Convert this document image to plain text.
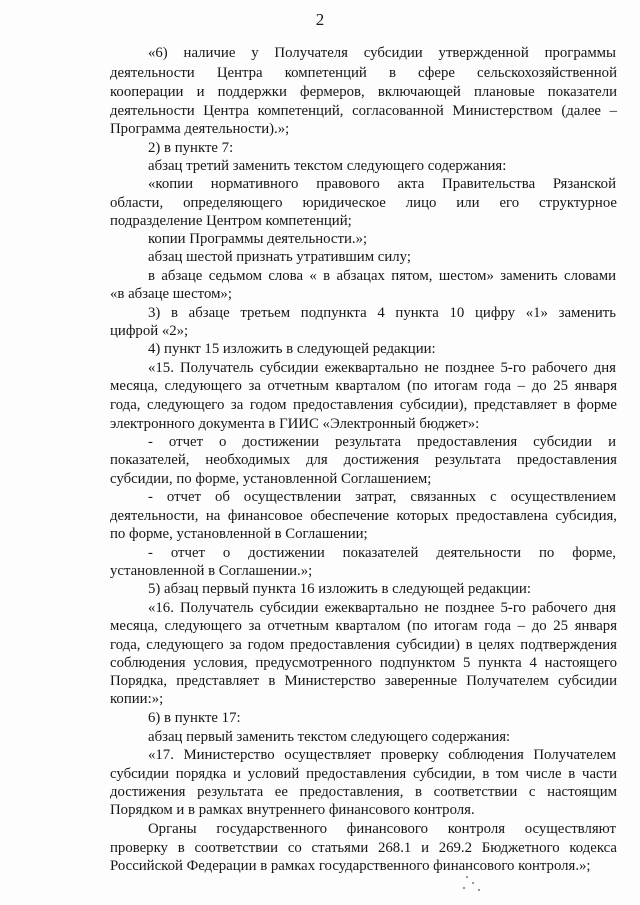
2
«6) наличие у Получателя субсидии утвержденной программы
деятельности Центра компетенций в сфере сельскохозяйственной
кооперации и поддержки фермеров, включающей плановые показатели
деятельности Центра компетенций, согласованной Министерством (далее –
Программа деятельности).»;
2) в пункте 7:
абзац третий заменить текстом следующего содержания:
«копии нормативного правового акта Правительства Рязанской
области, определяющего юридическое лицо или его структурное
подразделение Центром компетенций;
копии Программы деятельности.»;
абзац шестой признать утратившим силу;
в абзаце седьмом слова « в абзацах пятом, шестом» заменить словами
«в абзаце шестом»;
3) в абзаце третьем подпункта 4 пункта 10 цифру «1» заменить
цифрой «2»;
4) пункт 15 изложить в следующей редакции:
«15. Получатель субсидии ежеквартально не позднее 5-го рабочего дня
месяца, следующего за отчетным кварталом (по итогам года – до 25 января
года, следующего за годом предоставления субсидии), представляет в форме
электронного документа в ГИИС «Электронный бюджет»:
- отчет о достижении результата предоставления субсидии и
показателей, необходимых для достижения результата предоставления
субсидии, по форме, установленной Соглашением;
- отчет об осуществлении затрат, связанных с осуществлением
деятельности, на финансовое обеспечение которых предоставлена субсидия,
по форме, установленной в Соглашении;
- отчет о достижении показателей деятельности по форме,
установленной в Соглашении.»;
5) абзац первый пункта 16 изложить в следующей редакции:
«16. Получатель субсидии ежеквартально не позднее 5-го рабочего дня
месяца, следующего за отчетным кварталом (по итогам года – до 25 января
года, следующего за годом предоставления субсидии) в целях подтверждения
соблюдения условия, предусмотренного подпунктом 5 пункта 4 настоящего
Порядка, представляет в Министерство заверенные Получателем субсидии
копии:»;
6) в пункте 17:
абзац первый заменить текстом следующего содержания:
«17. Министерство осуществляет проверку соблюдения Получателем
субсидии порядка и условий предоставления субсидии, в том числе в части
достижения результата ее предоставления, в соответствии с настоящим
Порядком и в рамках внутреннего финансового контроля.
Органы государственного финансового контроля осуществляют
проверку в соответствии со статьями 268.1 и 269.2 Бюджетного кодекса
Российской Федерации в рамках государственного финансового контроля.»;
